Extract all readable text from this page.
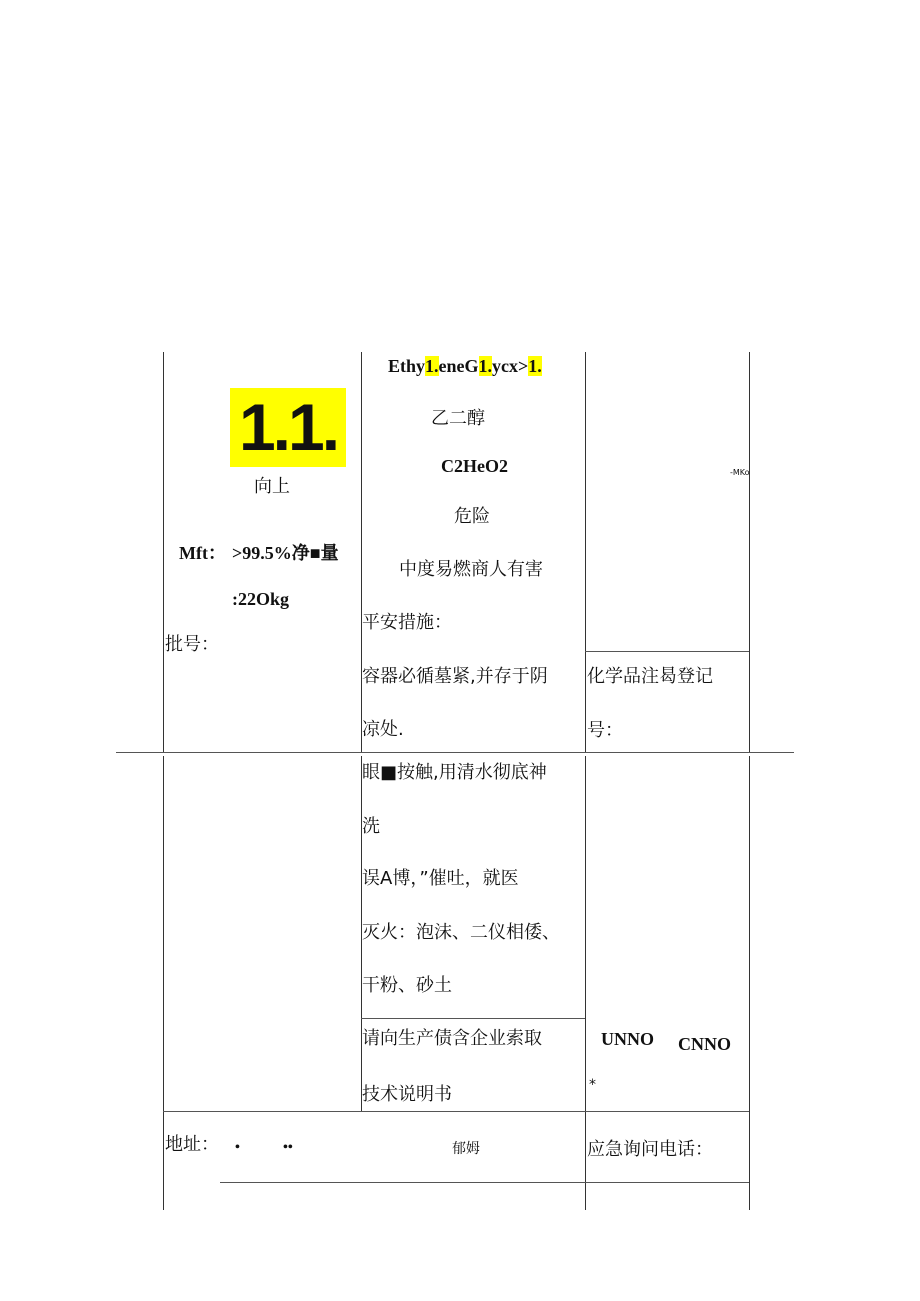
1.1.
向上
Mft： >99.5%净■量
:22Okg
批号：
Ethy1.eneG1.ycx>1.
乙二醇
C2HeO2
危险
中度易燃商人有害
平安措施：
容器必循墓紧,并存于阴
凉处.
眼■按触,用清水彻底神
洗
误A博，”催吐，就医
灭火：泡沫、二仪相倭、
干粉、砂土
请向生产债含企业索取
技术说明书
-MKo
化学品注曷登记
号：
UNNO CNNO
*
应急询问电话：
地址： •	••	郁姆
